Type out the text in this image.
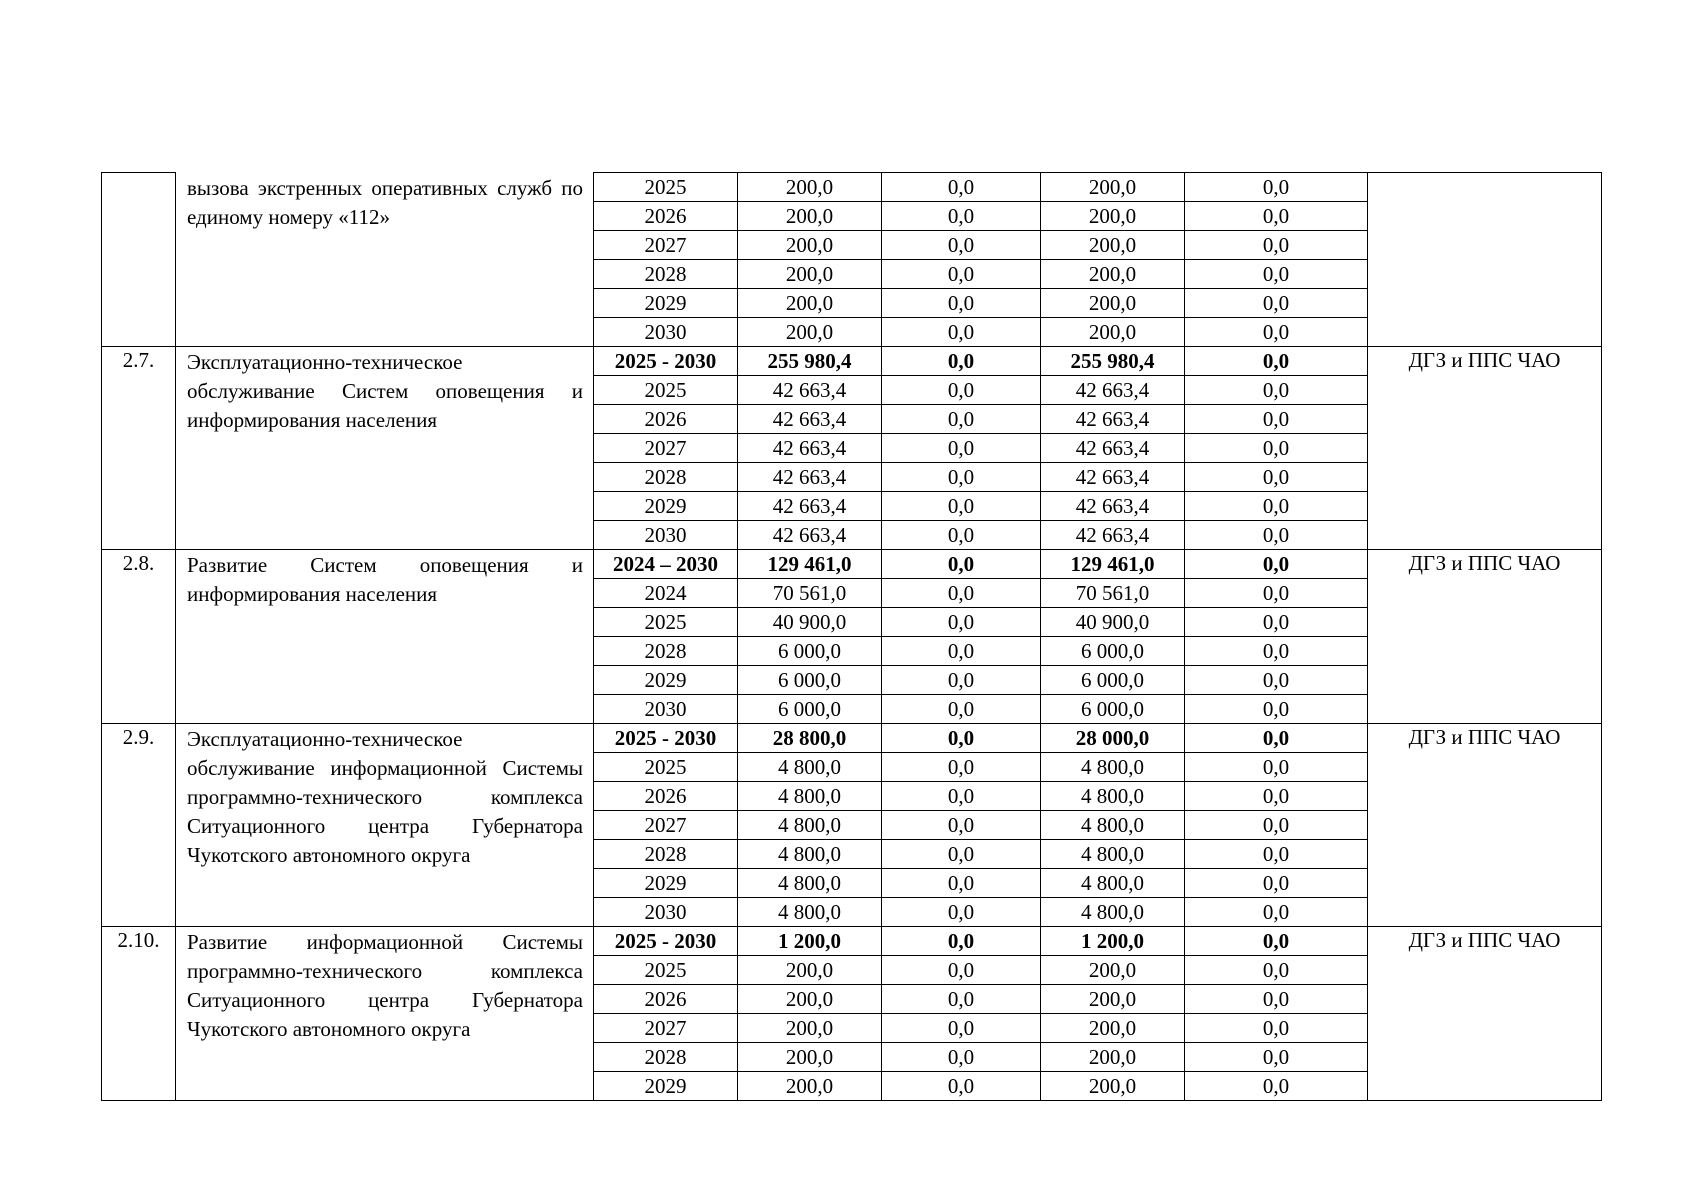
	вызова экстренных оперативных служб по единому номеру «112»	2025	200,0	0,0	200,0	0,0	
		2026	200,0	0,0	200,0	0,0	
		2027	200,0	0,0	200,0	0,0	
		2028	200,0	0,0	200,0	0,0	
		2029	200,0	0,0	200,0	0,0	
		2030	200,0	0,0	200,0	0,0	
2.7.	Эксплуатационно-техническое обслуживание Систем оповещения и информирования населения	2025 - 2030	255 980,4	0,0	255 980,4	0,0	ДГЗ и ППС ЧАО
		2025	42 663,4	0,0	42 663,4	0,0	
		2026	42 663,4	0,0	42 663,4	0,0	
		2027	42 663,4	0,0	42 663,4	0,0	
		2028	42 663,4	0,0	42 663,4	0,0	
		2029	42 663,4	0,0	42 663,4	0,0	
		2030	42 663,4	0,0	42 663,4	0,0	
2.8.	Развитие Систем оповещения и информирования населения	2024 – 2030	129 461,0	0,0	129 461,0	0,0	ДГЗ и ППС ЧАО
		2024	70 561,0	0,0	70 561,0	0,0	
		2025	40 900,0	0,0	40 900,0	0,0	
		2028	6 000,0	0,0	6 000,0	0,0	
		2029	6 000,0	0,0	6 000,0	0,0	
		2030	6 000,0	0,0	6 000,0	0,0	
2.9.	Эксплуатационно-техническое обслуживание информационной Системы программно-технического комплекса Ситуационного центра Губернатора Чукотского автономного округа	2025 - 2030	28 800,0	0,0	28 000,0	0,0	ДГЗ и ППС ЧАО
		2025	4 800,0	0,0	4 800,0	0,0	
		2026	4 800,0	0,0	4 800,0	0,0	
		2027	4 800,0	0,0	4 800,0	0,0	
		2028	4 800,0	0,0	4 800,0	0,0	
		2029	4 800,0	0,0	4 800,0	0,0	
		2030	4 800,0	0,0	4 800,0	0,0	
2.10.	Развитие информационной Системы программно-технического комплекса Ситуационного центра Губернатора Чукотского автономного округа	2025 - 2030	1 200,0	0,0	1 200,0	0,0	ДГЗ и ППС ЧАО
		2025	200,0	0,0	200,0	0,0	
		2026	200,0	0,0	200,0	0,0	
		2027	200,0	0,0	200,0	0,0	
		2028	200,0	0,0	200,0	0,0	
		2029	200,0	0,0	200,0	0,0	
